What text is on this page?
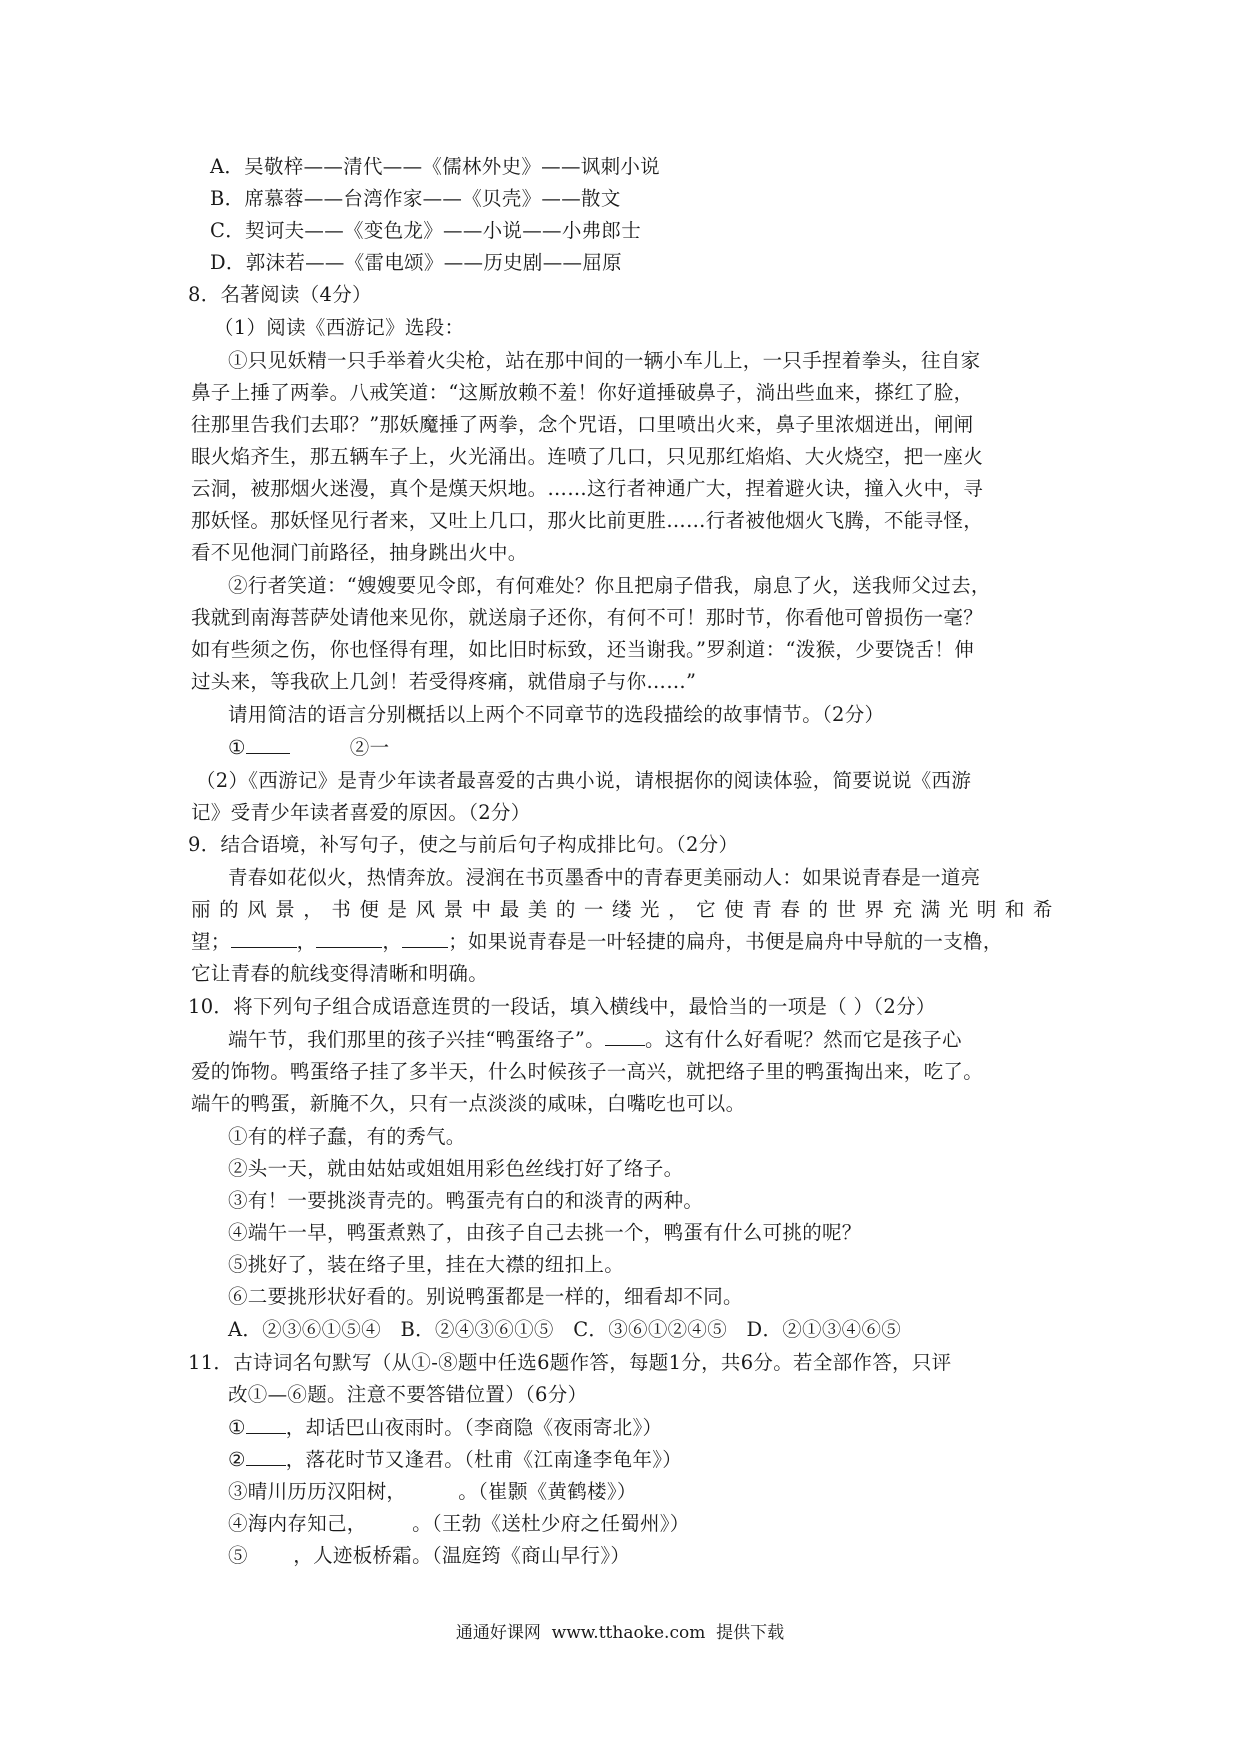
A．吴敬梓——清代——《儒林外史》——讽刺小说
B．席慕蓉——台湾作家——《贝壳》——散文
C．契诃夫——《变色龙》——小说——小弗郎士
D．郭沫若——《雷电颂》——历史剧——屈原
8．名著阅读（4分）
（1）阅读《西游记》选段：
①只见妖精一只手举着火尖枪，站在那中间的一辆小车儿上，一只手捏着拳头，往自家
鼻子上捶了两拳。八戒笑道：“这厮放赖不羞！你好道捶破鼻子，淌出些血来，搽红了脸，
往那里告我们去耶？”那妖魔捶了两拳，念个咒语，口里喷出火来，鼻子里浓烟迸出，闸闸
眼火焰齐生，那五辆车子上，火光涌出。连喷了几口，只见那红焰焰、大火烧空，把一座火
云洞，被那烟火迷漫，真个是熯天炽地。……这行者神通广大，捏着避火诀，撞入火中，寻
那妖怪。那妖怪见行者来，又吐上几口，那火比前更胜……行者被他烟火飞腾，不能寻怪，
看不见他洞门前路径，抽身跳出火中。
②行者笑道：“嫂嫂要见令郎，有何难处？你且把扇子借我，扇息了火，送我师父过去，
我就到南海菩萨处请他来见你，就送扇子还你，有何不可！那时节，你看他可曾损伤一毫？
如有些须之伤，你也怪得有理，如比旧时标致，还当谢我。”罗刹道：“泼猴，少要饶舌！伸
过头来，等我砍上几剑！若受得疼痛，就借扇子与你……”
请用简洁的语言分别概括以上两个不同章节的选段描绘的故事情节。（2分）
①	②一
（2）《西游记》是青少年读者最喜爱的古典小说，请根据你的阅读体验，简要说说《西游
记》受青少年读者喜爱的原因。（2分）
9．结合语境，补写句子，使之与前后句子构成排比句。（2分）
青春如花似火，热情奔放。浸润在书页墨香中的青春更美丽动人：如果说青春是一道亮
丽 的 风 景 ， 书 便 是 风 景 中 最 美 的 一 缕 光 ， 它 使 青 春 的 世 界 充 满 光 明 和 希
望；	，	， ；如果说青春是一叶轻捷的扁舟，书便是扁舟中导航的一支橹，
它让青春的航线变得清晰和明确。
10．将下列句子组合成语意连贯的一段话，填入横线中，最恰当的一项是（ ）（2分）
端午节，我们那里的孩子兴挂“鸭蛋络子”。 。这有什么好看呢？然而它是孩子心
爱的饰物。鸭蛋络子挂了多半天，什么时候孩子一高兴，就把络子里的鸭蛋掏出来，吃了。
端午的鸭蛋，新腌不久，只有一点淡淡的咸味，白嘴吃也可以。
①有的样子蠢，有的秀气。
②头一天，就由姑姑或姐姐用彩色丝线打好了络子。
③有！一要挑淡青壳的。鸭蛋壳有白的和淡青的两种。
④端午一早，鸭蛋煮熟了，由孩子自己去挑一个，鸭蛋有什么可挑的呢？
⑤挑好了，装在络子里，挂在大襟的纽扣上。
⑥二要挑形状好看的。别说鸭蛋都是一样的，细看却不同。
A．②③⑥①⑤④   B．②④③⑥①⑤   C．③⑥①②④⑤   D．②①③④⑥⑤
11．古诗词名句默写（从①-⑧题中任选6题作答，每题1分，共6分。若全部作答，只评
改①—⑥题。注意不要答错位置）（6分）
① ，却话巴山夜雨时。（李商隐《夜雨寄北》）
② ，落花时节又逢君。（杜甫《江南逢李龟年》）
③晴川历历汉阳树，        。（崔颢《黄鹤楼》）
④海内存知己，       。（王勃《送杜少府之任蜀州》）
⑤       ，人迹板桥霜。（温庭筠《商山早行》）
通通好课网  www.tthaoke.com  提供下载
